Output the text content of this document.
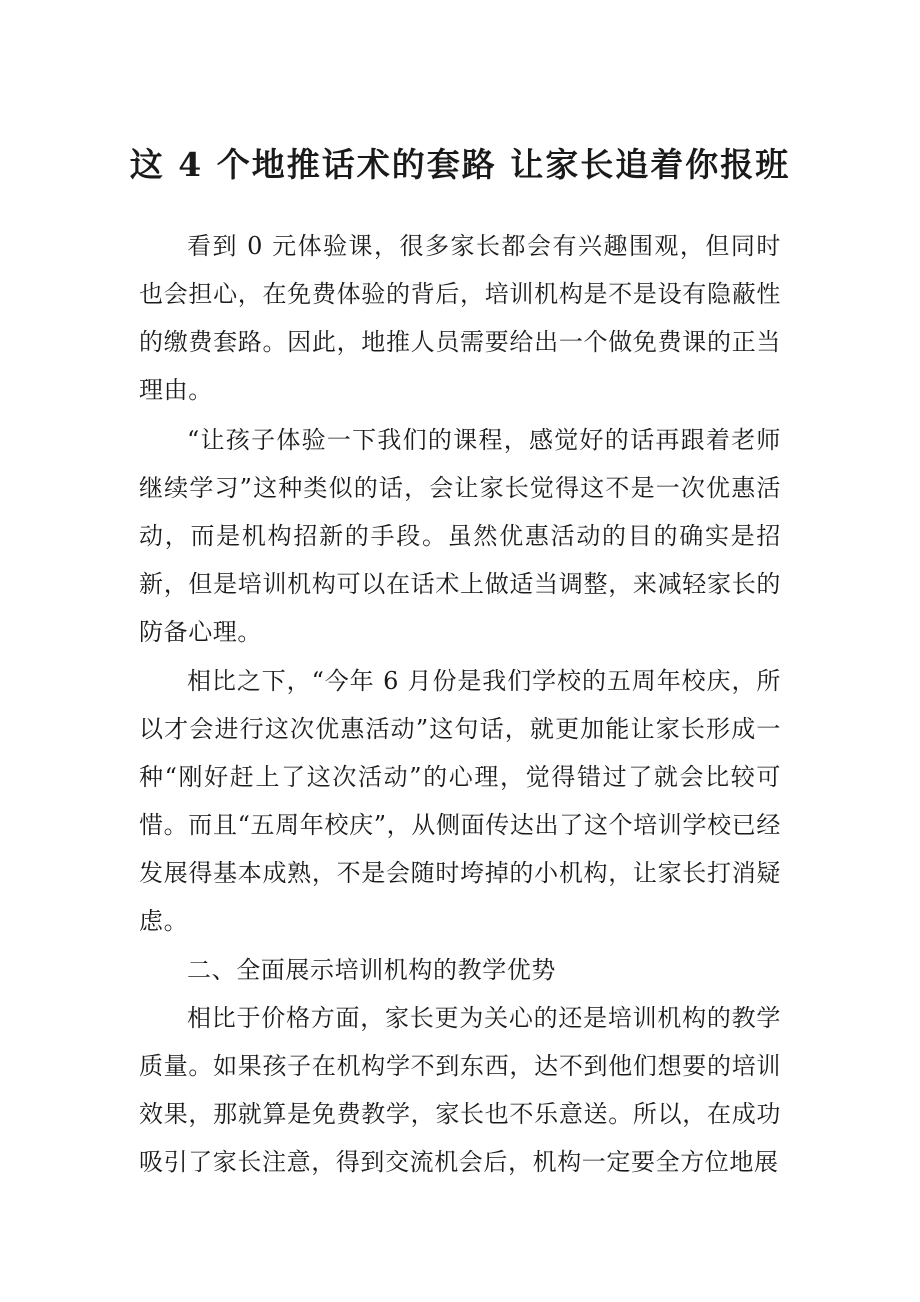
这 4 个地推话术的套路 让家长追着你报班

看到 0 元体验课，很多家长都会有兴趣围观，但同时也会担心，在免费体验的背后，培训机构是不是设有隐蔽性的缴费套路。因此，地推人员需要给出一个做免费课的正当理由。

“让孩子体验一下我们的课程，感觉好的话再跟着老师继续学习”这种类似的话，会让家长觉得这不是一次优惠活动，而是机构招新的手段。虽然优惠活动的目的确实是招新，但是培训机构可以在话术上做适当调整，来减轻家长的防备心理。

相比之下，“今年 6 月份是我们学校的五周年校庆，所以才会进行这次优惠活动”这句话，就更加能让家长形成一种“刚好赶上了这次活动”的心理，觉得错过了就会比较可惜。而且“五周年校庆”，从侧面传达出了这个培训学校已经发展得基本成熟，不是会随时垮掉的小机构，让家长打消疑虑。

二、全面展示培训机构的教学优势

相比于价格方面，家长更为关心的还是培训机构的教学质量。如果孩子在机构学不到东西，达不到他们想要的培训效果，那就算是免费教学，家长也不乐意送。所以，在成功吸引了家长注意，得到交流机会后，机构一定要全方位地展
